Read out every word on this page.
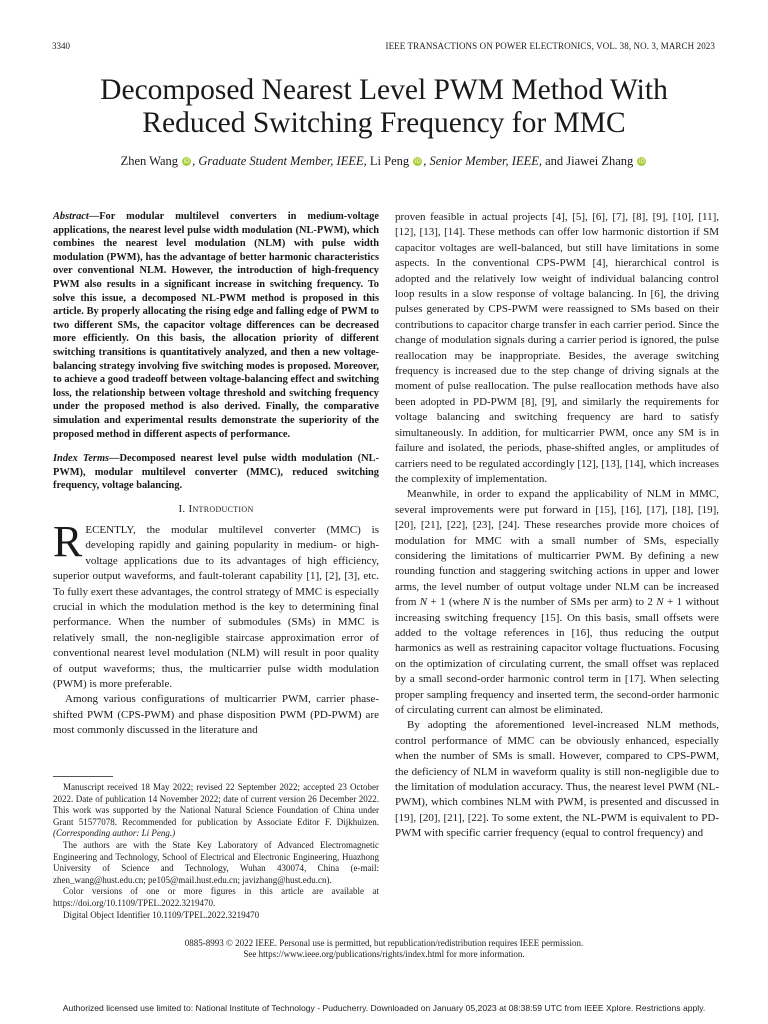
3340	IEEE TRANSACTIONS ON POWER ELECTRONICS, VOL. 38, NO. 3, MARCH 2023
Decomposed Nearest Level PWM Method With
Reduced Switching Frequency for MMC
Zhen Wang iD , Graduate Student Member, IEEE, Li Peng iD , Senior Member, IEEE, and Jiawei Zhang iD
Abstract—For modular multilevel converters in medium-voltage applications, the nearest level pulse width modulation (NL-PWM), which combines the nearest level modulation (NLM) with pulse width modulation (PWM), has the advantage of better harmonic characteristics over conventional NLM. However, the introduction of high-frequency PWM also results in a significant increase in switching frequency. To solve this issue, a decomposed NL-PWM method is proposed in this article. By properly allocating the rising edge and falling edge of PWM to two different SMs, the capacitor voltage differences can be decreased more efficiently. On this basis, the allocation priority of different switching transitions is quantitatively analyzed, and then a new voltage-balancing strategy involving five switching modes is proposed. Moreover, to achieve a good tradeoff between voltage-balancing effect and switching loss, the relationship between voltage threshold and switching frequency under the proposed method is also derived. Finally, the comparative simulation and experimental results demonstrate the superiority of the proposed method in different aspects of performance.
Index Terms—Decomposed nearest level pulse width modulation (NL-PWM), modular multilevel converter (MMC), reduced switching frequency, voltage balancing.
I. Introduction

RECENTLY, the modular multilevel converter (MMC) is developing rapidly and gaining popularity in medium- or high-voltage applications due to its advantages of high efficiency, superior output waveforms, and fault-tolerant capability [1], [2], [3], etc. To fully exert these advantages, the control strategy of MMC is especially crucial in which the modulation method is the key to determining final performance. When the number of submodules (SMs) in MMC is relatively small, the non-negligible staircase approximation error of conventional nearest level modulation (NLM) will result in poor quality of output waveforms; thus, the multicarrier pulse width modulation (PWM) is more preferable.

Among various configurations of multicarrier PWM, carrier phase-shifted PWM (CPS-PWM) and phase disposition PWM (PD-PWM) are most commonly discussed in the literature and

Manuscript received 18 May 2022; revised 22 September 2022; accepted 23 October 2022. Date of publication 14 November 2022; date of current version 26 December 2022. This work was supported by the National Natural Science Foundation of China under Grant 51577078. Recommended for publication by Associate Editor F. Dijkhuizen. (Corresponding author: Li Peng.)

The authors are with the State Key Laboratory of Advanced Electromagnetic Engineering and Technology, School of Electrical and Electronic Engineering, Huazhong University of Science and Technology, Wuhan 430074, China (e-mail: zhen_wang@hust.edu.cn; pe105@mail.hust.edu.cn; javizhang@hust.edu.cn).

Color versions of one or more figures in this article are available at https://doi.org/10.1109/TPEL.2022.3219470.

Digital Object Identifier 10.1109/TPEL.2022.3219470

proven feasible in actual projects [4], [5], [6], [7], [8], [9], [10], [11], [12], [13], [14]. These methods can offer low harmonic distortion if SM capacitor voltages are well-balanced, but still have limitations in some aspects. In the conventional CPS-PWM [4], hierarchical control is adopted and the relatively low weight of individual balancing control loop results in a slow response of voltage balancing. In [6], the driving pulses generated by CPS-PWM were reassigned to SMs based on their contributions to capacitor charge transfer in each carrier period. Since the change of modulation signals during a carrier period is ignored, the pulse reallocation may be inappropriate. Besides, the average switching frequency is increased due to the step change of driving signals at the moment of pulse reallocation. The pulse reallocation methods have also been adopted in PD-PWM [8], [9], and similarly the requirements for voltage balancing and switching frequency are hard to satisfy simultaneously. In addition, for multicarrier PWM, once any SM is in failure and isolated, the periods, phase-shifted angles, or amplitudes of carriers need to be regulated accordingly [12], [13], [14], which increases the complexity of implementation.

Meanwhile, in order to expand the applicability of NLM in MMC, several improvements were put forward in [15], [16], [17], [18], [19], [20], [21], [22], [23], [24]. These researches provide more choices of modulation for MMC with a small number of SMs, especially considering the limitations of multicarrier PWM. By defining a new rounding function and staggering switching actions in upper and lower arms, the level number of output voltage under NLM can be increased from N + 1 (where N is the number of SMs per arm) to 2 N + 1 without increasing switching frequency [15]. On this basis, small offsets were added to the voltage references in [16], thus reducing the output harmonics as well as restraining capacitor voltage fluctuations. Focusing on the optimization of circulating current, the small offset was replaced by a small second-order harmonic control term in [17]. When selecting proper sampling frequency and inserted term, the second-order harmonic of circulating current can almost be eliminated.

By adopting the aforementioned level-increased NLM methods, control performance of MMC can be obviously enhanced, especially when the number of SMs is small. However, compared to CPS-PWM, the deficiency of NLM in waveform quality is still non-negligible due to the limitation of modulation accuracy. Thus, the nearest level PWM (NL-PWM), which combines NLM with PWM, is presented and discussed in [19], [20], [21], [22]. To some extent, the NL-PWM is equivalent to PD-PWM with specific carrier frequency (equal to control frequency) and

0885-8993 © 2022 IEEE. Personal use is permitted, but republication/redistribution requires IEEE permission.
See https://www.ieee.org/publications/rights/index.html for more information.
Authorized licensed use limited to: National Institute of Technology - Puducherry. Downloaded on January 05,2023 at 08:38:59 UTC from IEEE Xplore. Restrictions apply.
